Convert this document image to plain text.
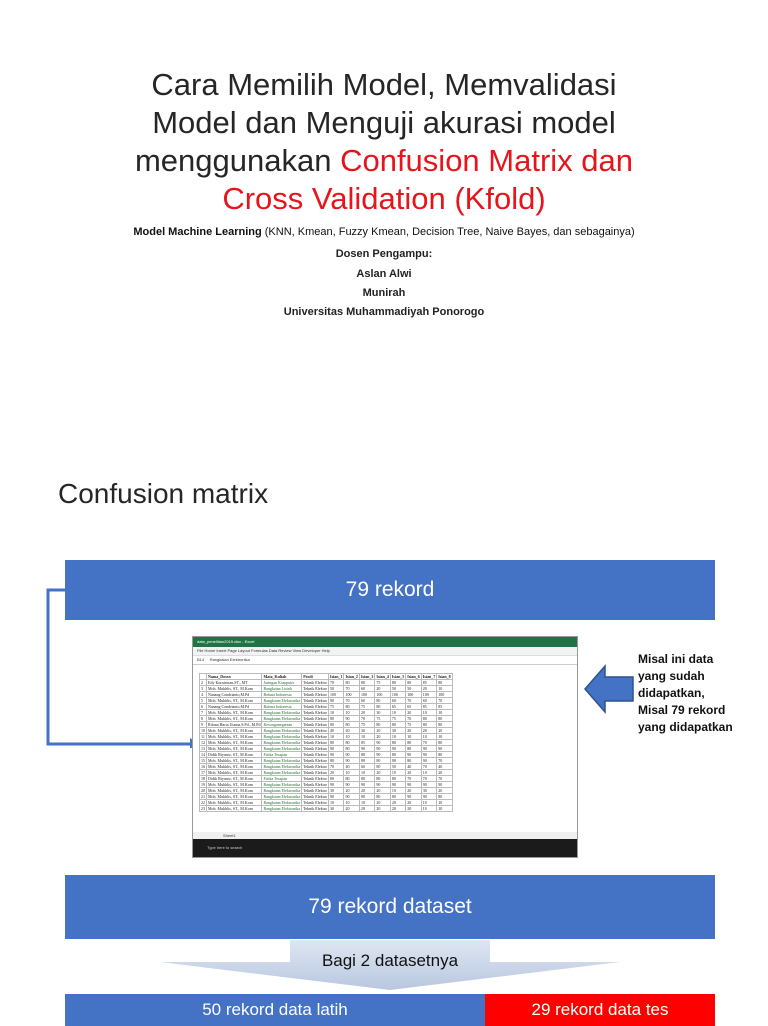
Cara Memilih Model, Memvalidasi
Model dan Menguji akurasi model
menggunakan Confusion Matrix dan
Cross Validation (Kfold)
Model Machine Learning (KNN, Kmean, Fuzzy Kmean, Decision Tree, Naive Bayes, dan sebagainya)
Dosen Pengampu:
Aslan Alwi
Munirah
Universitas Muhammadiyah Ponorogo
Confusion matrix
79 rekord
data_penelitian2019.xlsx - Excel
File Home Insert Page Layout Formulas Data Review View Developer Help
B14 Rangkaian Elektronika
	Nama_Dosen	Mata_Kuliah	Prodi	Isian_1	Isian_2	Isian_3	Isian_4	Isian_5	Isian_6	Isian_7	Isian_8
2	Edy Kurniawan,ST., MT	Jaringan Komputer	Teknik Elektro	70	80	80	75	80	80	85	80
3	Moh. Mukhlis, ST., M.Kom	Rangkaian Listrik	Teknik Elektro	50	70	60	20	50	50	20	10
4	Nanang Condrianto,M.Pd	Bahasa Indonesia	Teknik Elektro	100	100	100	100	100	100	100	100
5	Moh. Mukhlis, ST., M.Kom	Rangkaian Elektronika	Teknik Elektro	90	70	60	80	60	70	60	70
6	Nanang Condrianto,M.Pd	Bahasa Indonesia	Teknik Elektro	75	80	75	80	65	65	85	85
7	Moh. Mukhlis, ST., M.Kom	Rangkaian Elektronika	Teknik Elektro	10	10	20	30	10	20	10	10
8	Moh. Mukhlis, ST., M.Kom	Rangkaian Elektronika	Teknik Elektro	80	90	70	75	75	70	80	80
9	Rifana Harta Utama,S.Pd., M.Pd	Kewarganegaraan	Teknik Elektro	80	80	75	80	80	75	80	80
10	Moh. Mukhlis, ST., M.Kom	Rangkaian Elektronika	Teknik Elektro	40	20	30	20	30	20	20	20
11	Moh. Mukhlis, ST., M.Kom	Rangkaian Elektronika	Teknik Elektro	10	10	10	20	10	10	10	10
12	Moh. Mukhlis, ST., M.Kom	Rangkaian Elektronika	Teknik Elektro	80	80	85	90	80	80	70	80
13	Moh. Mukhlis, ST., M.Kom	Rangkaian Elektronika	Teknik Elektro	90	80	90	90	90	80	90	90
14	Didik Riyanto, ST., M.Kom	Fisika Terapan	Teknik Elektro	90	90	80	90	80	90	90	80
15	Moh. Mukhlis, ST., M.Kom	Rangkaian Elektronika	Teknik Elektro	80	90	80	80	90	80	90	70
16	Moh. Mukhlis, ST., M.Kom	Rangkaian Elektronika	Teknik Elektro	70	40	60	80	50	40	70	40
17	Moh. Mukhlis, ST., M.Kom	Rangkaian Elektronika	Teknik Elektro	20	10	10	20	10	20	10	20
18	Didik Riyanto, ST., M.Kom	Fisika Terapan	Teknik Elektro	80	80	80	80	80	70	70	70
19	Moh. Mukhlis, ST., M.Kom	Rangkaian Elektronika	Teknik Elektro	90	90	90	90	90	90	90	90
20	Moh. Mukhlis, ST., M.Kom	Rangkaian Elektronika	Teknik Elektro	30	20	20	20	10	20	30	20
21	Moh. Mukhlis, ST., M.Kom	Rangkaian Elektronika	Teknik Elektro	90	90	80	80	80	90	90	80
22	Moh. Mukhlis, ST., M.Kom	Rangkaian Elektronika	Teknik Elektro	10	10	10	20	20	20	10	10
23	Moh. Mukhlis, ST., M.Kom	Rangkaian Elektronika	Teknik Elektro	30	20	20	20	20	20	10	10
Sheet1
Type here to search
Misal ini data
yang sudah
didapatkan,
Misal 79 rekord
yang didapatkan
79 rekord dataset
Bagi 2 datasetnya
50 rekord data latih	29 rekord data tes
